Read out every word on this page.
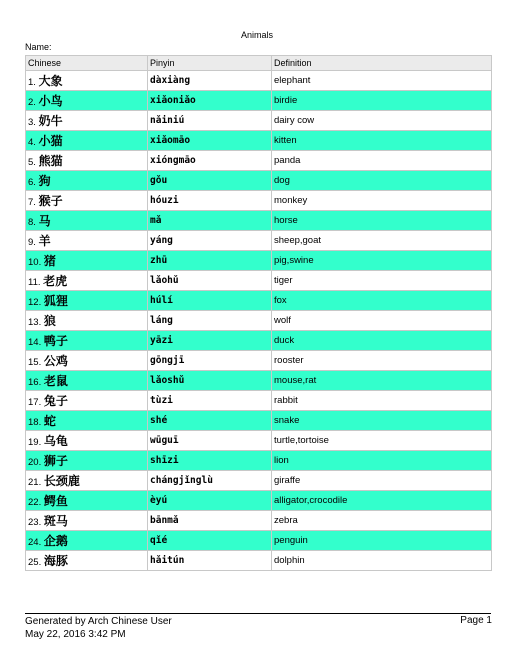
Animals
Name:
Chinese	Pinyin	Definition
1. 大象	dàxiàng	elephant
2. 小鸟	xiǎoniǎo	birdie
3. 奶牛	nǎiniú	dairy cow
4. 小猫	xiǎomāo	kitten
5. 熊猫	xióngmāo	panda
6. 狗	gǒu	dog
7. 猴子	hóuzi	monkey
8. 马	mǎ	horse
9. 羊	yáng	sheep,goat
10. 猪	zhū	pig,swine
11. 老虎	lǎohǔ	tiger
12. 狐狸	húlí	fox
13. 狼	láng	wolf
14. 鸭子	yāzi	duck
15. 公鸡	gōngjī	rooster
16. 老鼠	lǎoshǔ	mouse,rat
17. 兔子	tùzi	rabbit
18. 蛇	shé	snake
19. 乌龟	wūguī	turtle,tortoise
20. 狮子	shīzi	lion
21. 长颈鹿	chángjǐnglù	giraffe
22. 鳄鱼	èyú	alligator,crocodile
23. 斑马	bānmǎ	zebra
24. 企鹅	qǐé	penguin
25. 海豚	hǎitún	dolphin
Generated by Arch Chinese User
May 22, 2016 3:42 PM
Page 1
